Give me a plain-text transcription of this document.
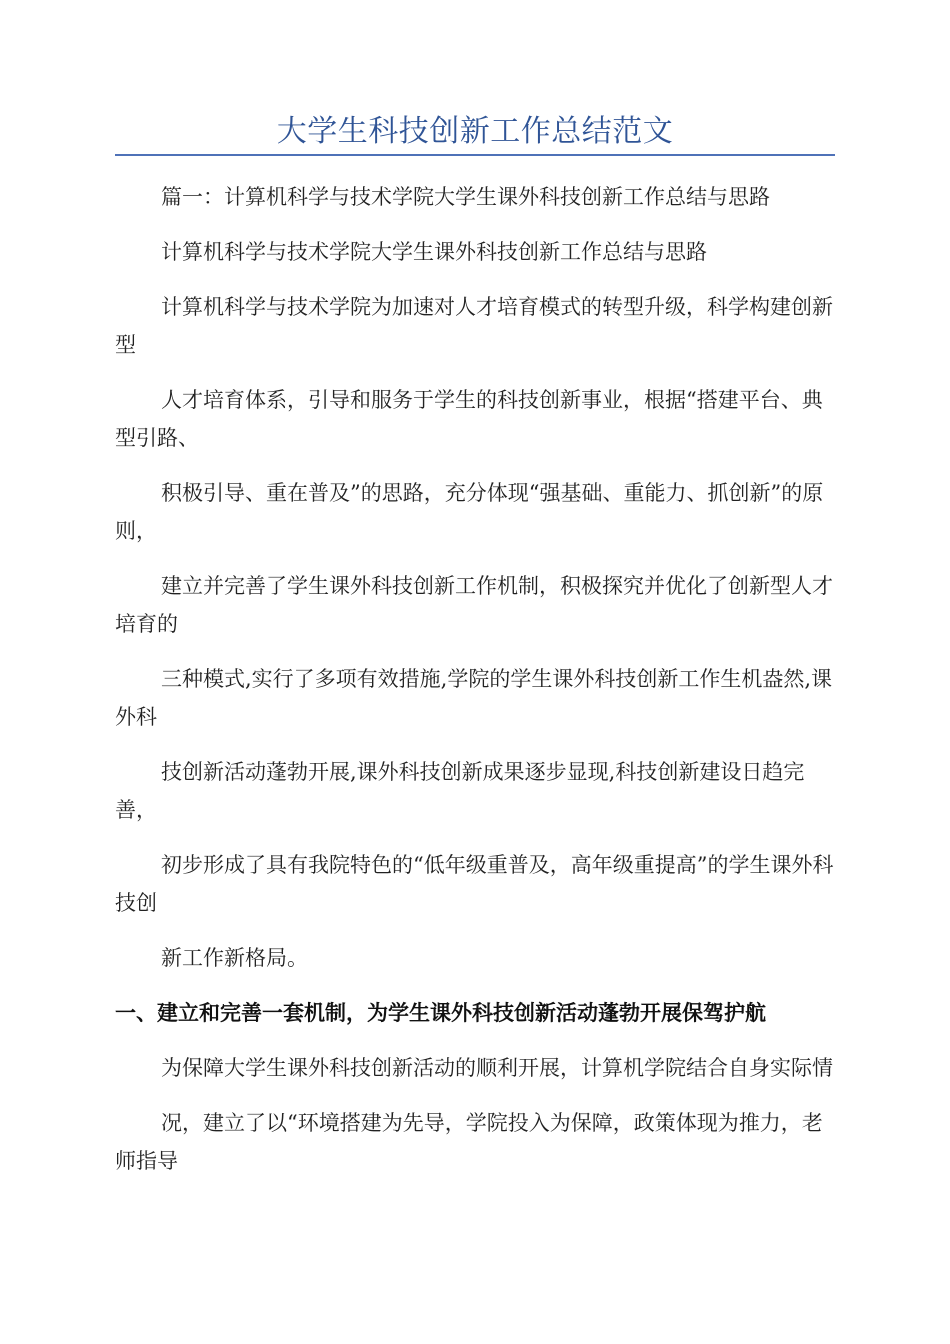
大学生科技创新工作总结范文

篇一：计算机科学与技术学院大学生课外科技创新工作总结与思路

计算机科学与技术学院大学生课外科技创新工作总结与思路

计算机科学与技术学院为加速对人才培育模式的转型升级，科学构建创新型

人才培育体系，引导和服务于学生的科技创新事业，根据“搭建平台、典型引路、

积极引导、重在普及”的思路，充分体现“强基础、重能力、抓创新”的原则，

建立并完善了学生课外科技创新工作机制，积极探究并优化了创新型人才培育的

三种模式,实行了多项有效措施,学院的学生课外科技创新工作生机盎然,课外科

技创新活动蓬勃开展,课外科技创新成果逐步显现,科技创新建设日趋完善，

初步形成了具有我院特色的“低年级重普及，高年级重提高”的学生课外科技创

新工作新格局。

一、建立和完善一套机制，为学生课外科技创新活动蓬勃开展保驾护航

为保障大学生课外科技创新活动的顺利开展，计算机学院结合自身实际情

况，建立了以“环境搭建为先导，学院投入为保障，政策体现为推力，老师指导
